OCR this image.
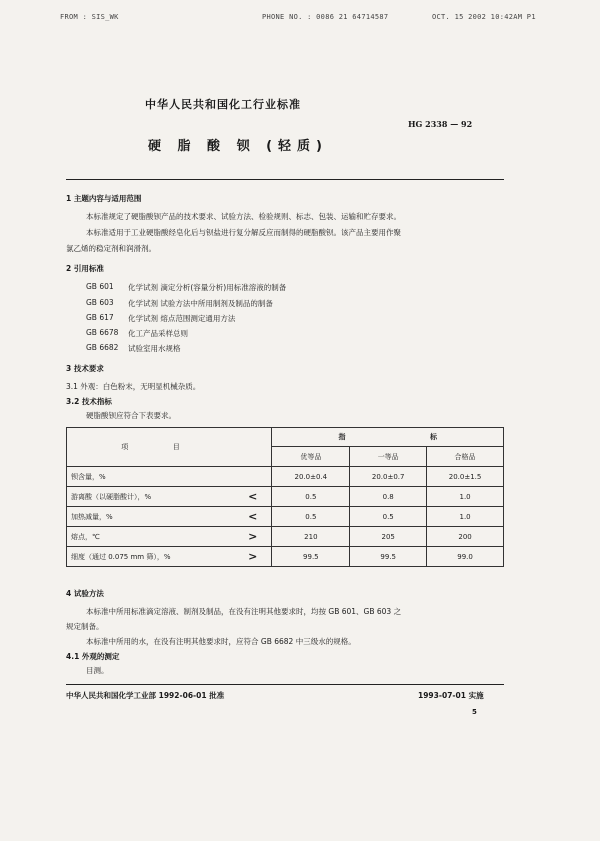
FROM : SIS_WK	PHONE NO. : 0086 21 64714587	OCT. 15 2002 10:42AM P1
中华人民共和国化工行业标准
HG 2338 — 92
硬 脂 酸 钡 (轻质)
1 主题内容与适用范围
本标准规定了硬脂酸钡产品的技术要求、试验方法、检验规则、标志、包装、运输和贮存要求。
本标准适用于工业硬脂酸经皂化后与钡盐进行复分解反应而制得的硬脂酸钡。该产品主要用作聚
氯乙烯的稳定剂和润滑剂。
2 引用标准
GB 601 化学试剂 滴定分析(容量分析)用标准溶液的制备
GB 603 化学试剂 试验方法中所用制剂及制品的制备
GB 617 化学试剂 熔点范围测定通用方法
GB 6678 化工产品采样总则
GB 6682 试验室用水规格
3 技术要求
3.1 外观：白色粉末，无明显机械杂质。
3.2 技术指标
硬脂酸钡应符合下表要求。
项 目		指 标		
		优等品	一等品	合格品
钡含量，%		20.0±0.4	20.0±0.7	20.0±1.5
游离酸（以硬脂酸计），%	<	0.5	0.8	1.0
加热减量，%	<	0.5	0.5	1.0
熔点，℃	>	210	205	200
细度（通过 0.075 mm 筛），%	>	99.5	99.5	99.0
4 试验方法
本标准中所用标准滴定溶液、制剂及制品，在没有注明其他要求时，均按 GB 601、GB 603 之
规定制备。
本标准中所用的水，在没有注明其他要求时，应符合 GB 6682 中三级水的规格。
4.1 外观的测定
目测。
中华人民共和国化学工业部 1992-06-01 批准	1993-07-01 实施
5
